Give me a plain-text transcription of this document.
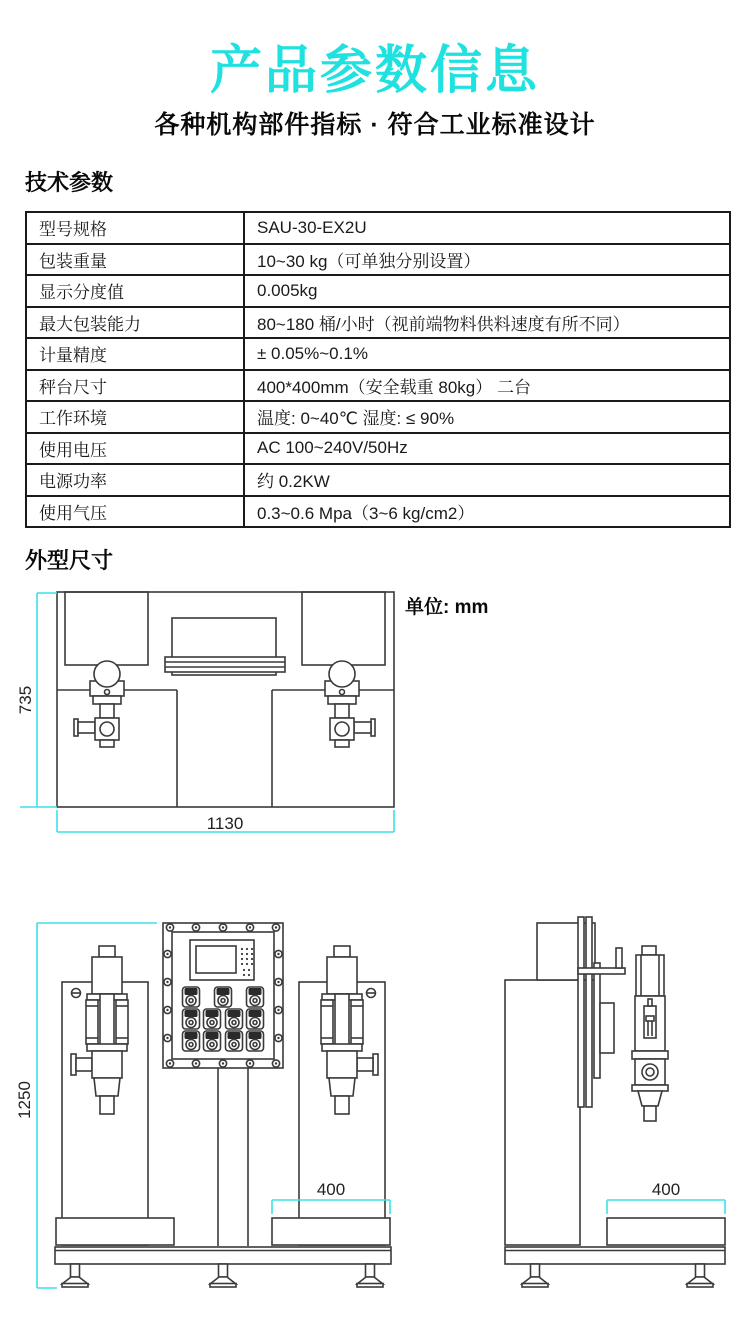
产品参数信息
各种机构部件指标 · 符合工业标准设计
技术参数
型号规格	SAU-30-EX2U
包装重量	10~30 kg（可单独分别设置）
显示分度值	0.005kg
最大包装能力	80~180 桶/小时（视前端物料供料速度有所不同）
计量精度	± 0.05%~0.1%
秤台尺寸	400*400mm（安全载重 80kg） 二台
工作环境	温度: 0~40℃ 湿度: ≤ 90%
使用电压	AC 100~240V/50Hz
电源功率	约 0.2KW
使用气压	0.3~0.6 Mpa（3~6 kg/cm2）
外型尺寸
单位: mm
735
1130
1250
400	400
